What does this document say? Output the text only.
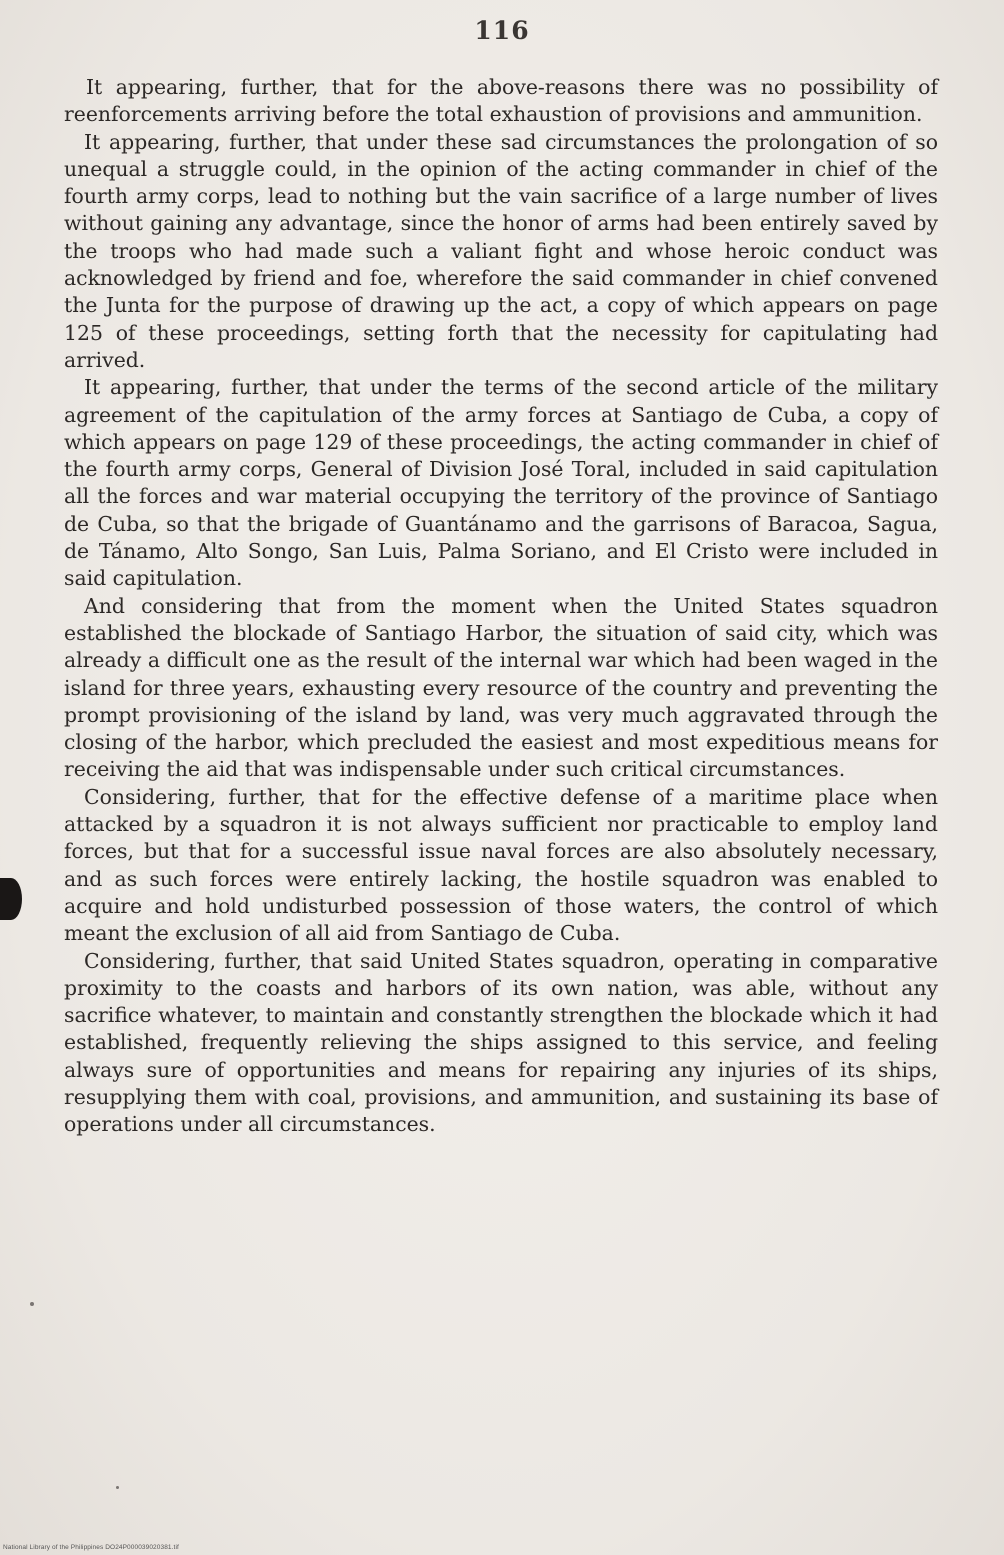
116

It appearing, further, that for the above-reasons there was no possibility of reenforcements arriving before the total exhaustion of provisions and ammunition.

It appearing, further, that under these sad circumstances the prolongation of so unequal a struggle could, in the opinion of the acting commander in chief of the fourth army corps, lead to nothing but the vain sacrifice of a large number of lives without gaining any advantage, since the honor of arms had been entirely saved by the troops who had made such a valiant fight and whose heroic conduct was acknowledged by friend and foe, wherefore the said commander in chief convened the Junta for the purpose of drawing up the act, a copy of which appears on page 125 of these proceedings, setting forth that the necessity for capitulating had arrived.

It appearing, further, that under the terms of the second article of the military agreement of the capitulation of the army forces at Santiago de Cuba, a copy of which appears on page 129 of these proceedings, the acting commander in chief of the fourth army corps, General of Division José Toral, included in said capitulation all the forces and war material occupying the territory of the province of Santiago de Cuba, so that the brigade of Guantánamo and the garrisons of Baracoa, Sagua, de Tánamo, Alto Songo, San Luis, Palma Soriano, and El Cristo were included in said capitulation.

And considering that from the moment when the United States squadron established the blockade of Santiago Harbor, the situation of said city, which was already a difficult one as the result of the internal war which had been waged in the island for three years, exhausting every resource of the country and preventing the prompt provisioning of the island by land, was very much aggravated through the closing of the harbor, which precluded the easiest and most expeditious means for receiving the aid that was indispensable under such critical circumstances.

Considering, further, that for the effective defense of a maritime place when attacked by a squadron it is not always sufficient nor practicable to employ land forces, but that for a successful issue naval forces are also absolutely necessary, and as such forces were entirely lacking, the hostile squadron was enabled to acquire and hold undisturbed possession of those waters, the control of which meant the exclusion of all aid from Santiago de Cuba.

Considering, further, that said United States squadron, operating in comparative proximity to the coasts and harbors of its own nation, was able, without any sacrifice whatever, to maintain and constantly strengthen the blockade which it had established, frequently relieving the ships assigned to this service, and feeling always sure of opportunities and means for repairing any injuries of its ships, resupplying them with coal, provisions, and ammunition, and sustaining its base of operations under all circumstances.

National Library of the Philippines DO24P000039020381.tif
